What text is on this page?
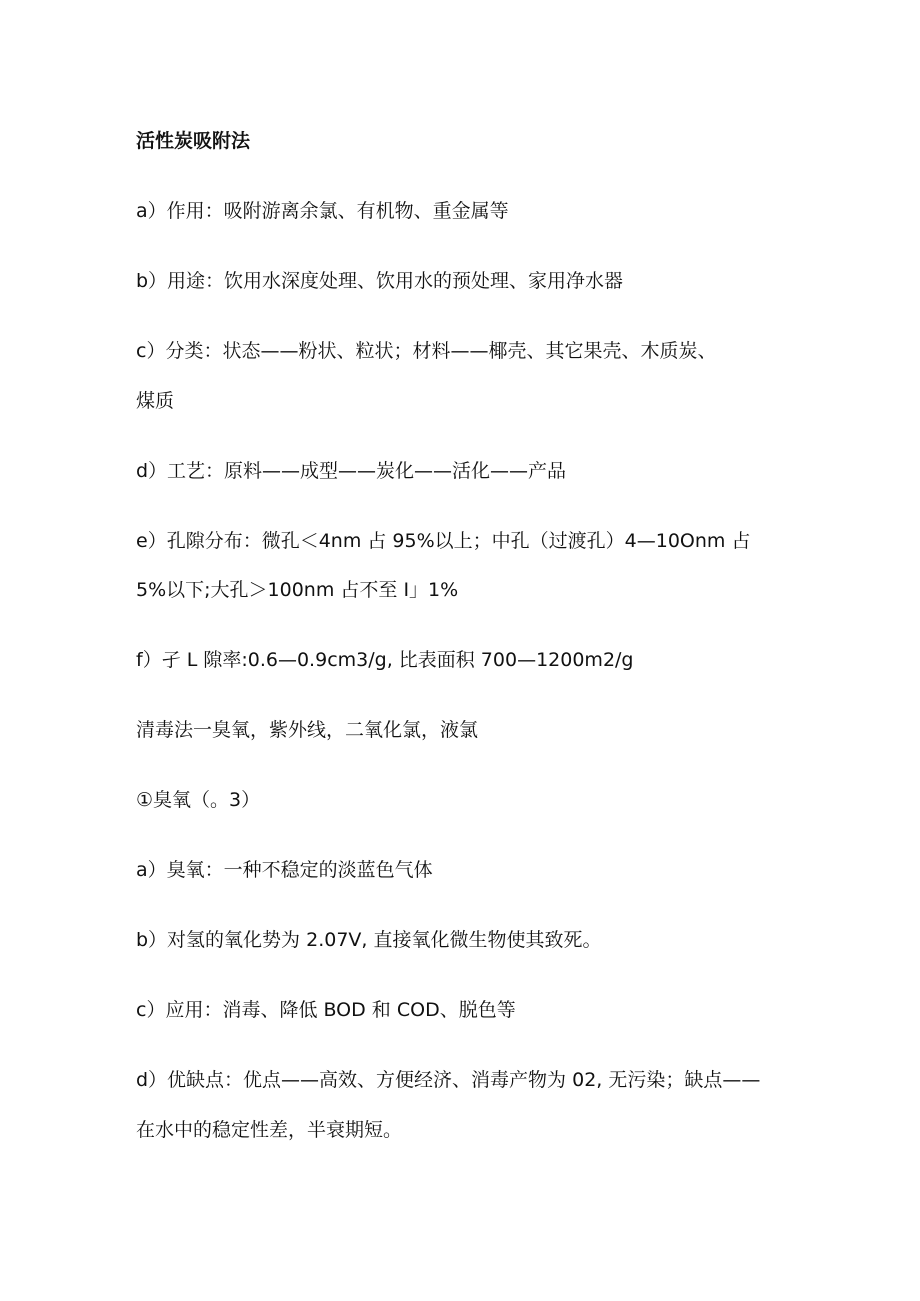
活性炭吸附法

a）作用：吸附游离余氯、有机物、重金属等

b）用途：饮用水深度处理、饮用水的预处理、家用净水器

c）分类：状态——粉状、粒状；材料——椰壳、其它果壳、木质炭、

煤质

d）工艺：原料——成型——炭化——活化——产品

e）孔隙分布：微孔＜4nm 占 95%以上；中孔（过渡孔）4—10Onm 占

5%以下;大孔＞100nm 占不至 I」1%

f）孑 L 隙率:0.6—0.9cm3∕g, 比表面积 700—1200m2∕g

清毒法一臭氧，紫外线，二氧化氯，液氯

①臭氧（。3）

a）臭氧：一种不稳定的淡蓝色气体

b）对氢的氧化势为 2.07V, 直接氧化微生物使其致死。

c）应用：消毒、降低 BOD 和 COD、脱色等

d）优缺点：优点——高效、方便经济、消毒产物为 02, 无污染；缺点——

在水中的稳定性差，半衰期短。
